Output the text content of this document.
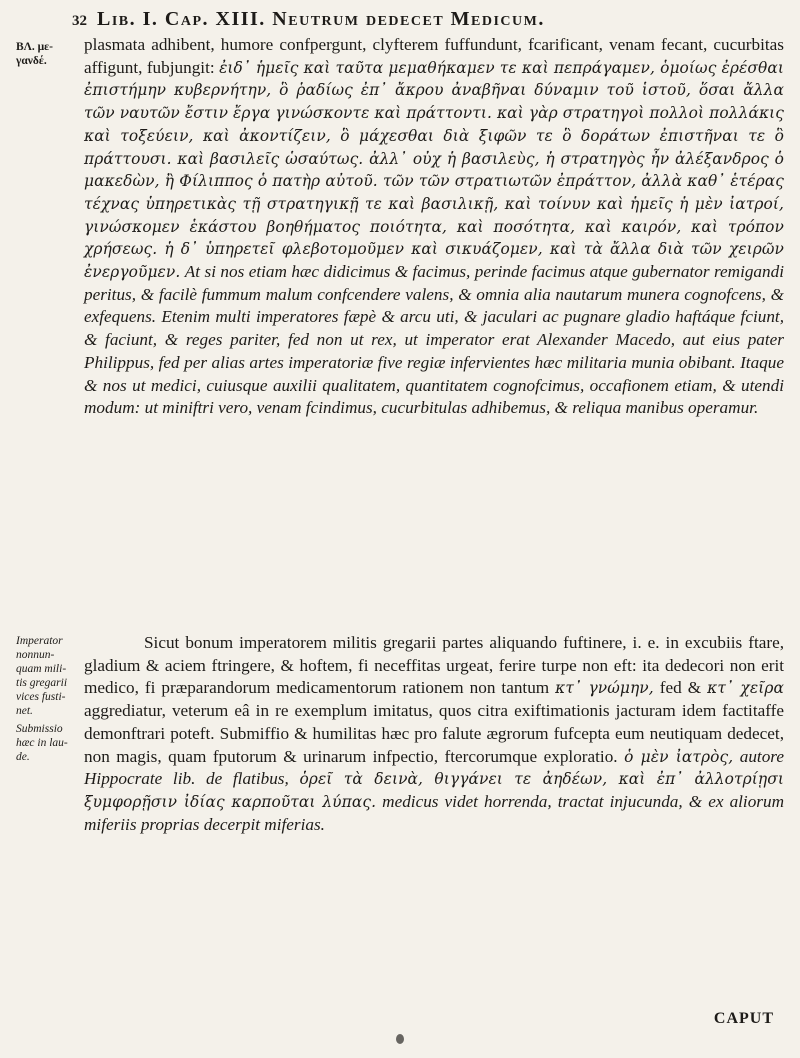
32 Lib. I. Cap. XIII. Neutrum dedecet Medicum.
ΒΛ. με-
γανδέ.
Imperator
nonnun-
quam mili-
tis gregarii
vices fusti-
net.
Submissio
hæc in lau-
de.

plasmata adhibent, humore confpergunt, clyfterem fuffundunt, fcarificant, venam fecant, cucurbitas affigunt, fubjungit: ἐιδ᾽ ἡμεῖς καὶ ταῦτα μεμαθήκαμεν τε καὶ πεπράγαμεν, ὁμοίως ἐρέσθαι ἐπιστήμην κυβερνήτην, ὃ ῥαδίως ἐπ᾽ ἄκρου ἀναβῆναι δύναμιν τοῦ ἱστοῦ, ὅσαι ἄλλα τῶν ναυτῶν ἔστιν ἔργα γινώσκοντε καὶ πράττοντι. καὶ γὰρ στρατηγοὶ πολλοὶ πολλάκις καὶ τοξεύειν, καὶ ἀκοντίζειν, ὃ μάχεσθαι διὰ ξιφῶν τε ὃ δοράτων ἐπιστῆναι τε ὃ πράττουσι. καὶ βασιλεῖς ὡσαύτως. ἀλλ᾽ οὐχ ἡ βασιλεὺς, ἡ στρατηγὸς ἦν ἀλέξανδρος ὁ μακεδὼν, ἢ Φίλιππος ὁ πατὴρ αὐτοῦ. τῶν τῶν στρατιωτῶν ἐπράττον, ἀλλὰ καθ᾽ ἑτέρας τέχνας ὑπηρετικὰς τῇ στρατηγικῇ τε καὶ βασιλικῇ, καὶ τοίνυν καὶ ἡμεῖς ἡ μὲν ἰατροί, γινώσκομεν ἑκάστου βοηθήματος ποιότητα, καὶ ποσότητα, καὶ καιρόν, καὶ τρόπον χρήσεως. ἡ δ᾽ ὑπηρετεῖ φλεβοτομοῦμεν καὶ σικυάζομεν, καὶ τὰ ἄλλα διὰ τῶν χειρῶν ἐνεργοῦμεν. At si nos etiam hæc didicimus & facimus, perinde facimus atque gubernator remigandi peritus, & facilè fummum malum confcendere valens, & omnia alia nautarum munera cognofcens, & exfequens. Etenim multi imperatores fæpè & arcu uti, & jaculari ac pugnare gladio haftáque fciunt, & faciunt, & reges pariter, fed non ut rex, ut imperator erat Alexander Macedo, aut eius pater Philippus, fed per alias artes imperatoriæ five regiæ infervientes hæc militaria munia obibant. Itaque & nos ut medici, cuiusque auxilii qualitatem, quantitatem cognofcimus, occafionem etiam, & utendi modum: ut miniftri vero, venam fcindimus, cucurbitulas adhibemus, & reliqua manibus operamur.

Sicut bonum imperatorem militis gregarii partes aliquando fuftinere, i. e. in excubiis ftare, gladium & aciem ftringere, & hoftem, fi neceffitas urgeat, ferire turpe non eft: ita dedecori non erit medico, fi præparandorum medicamentorum rationem non tantum κτ᾽ γνώμην, fed & κτ᾽ χεῖρα aggrediatur, veterum eâ in re exemplum imitatus, quos citra exiftimationis jacturam idem factitaffe demonftrari poteft. Submiffio & humilitas hæc pro falute ægrorum fufcepta eum neutiquam dedecet, non magis, quam fputorum & urinarum infpectio, ftercorumque exploratio. ὁ μὲν ἰατρὸς, autore Hippocrate lib. de flatibus, ὁρεῖ τὰ δεινὰ, θιγγάνει τε ἀηδέων, καὶ ἐπ᾽ ἀλλοτρίῃσι ξυμφορῇσιν ἰδίας καρποῦται λύπας. medicus videt horrenda, tractat injucunda, & ex aliorum miferiis proprias decerpit miferias.

CAPUT
